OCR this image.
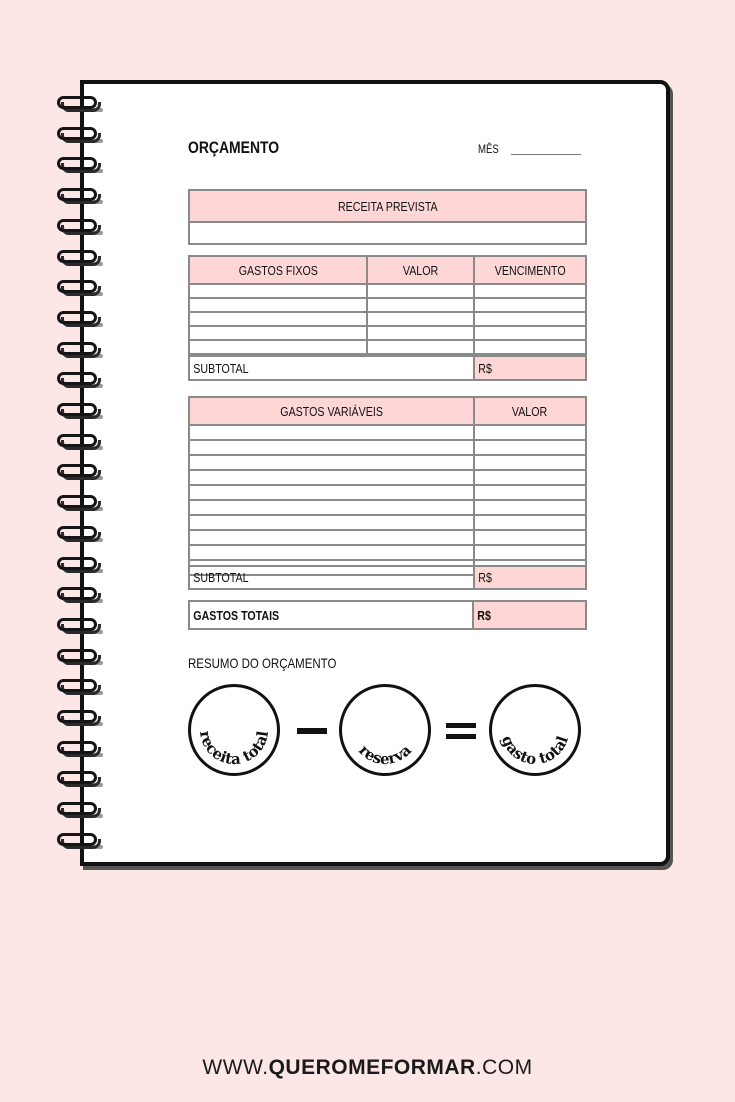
ORÇAMENTO	MÊS
RECEITA PREVISTA

GASTOS FIXOS	VALOR	VENCIMENTO

SUBTOTAL	R$
GASTOS VARIÁVEIS	VALOR

SUBTOTAL	R$
GASTOS TOTAIS	R$
RESUMO DO ORÇAMENTO
receita total
reserva	gasto total
WWW.QUEROMEFORMAR.COM
